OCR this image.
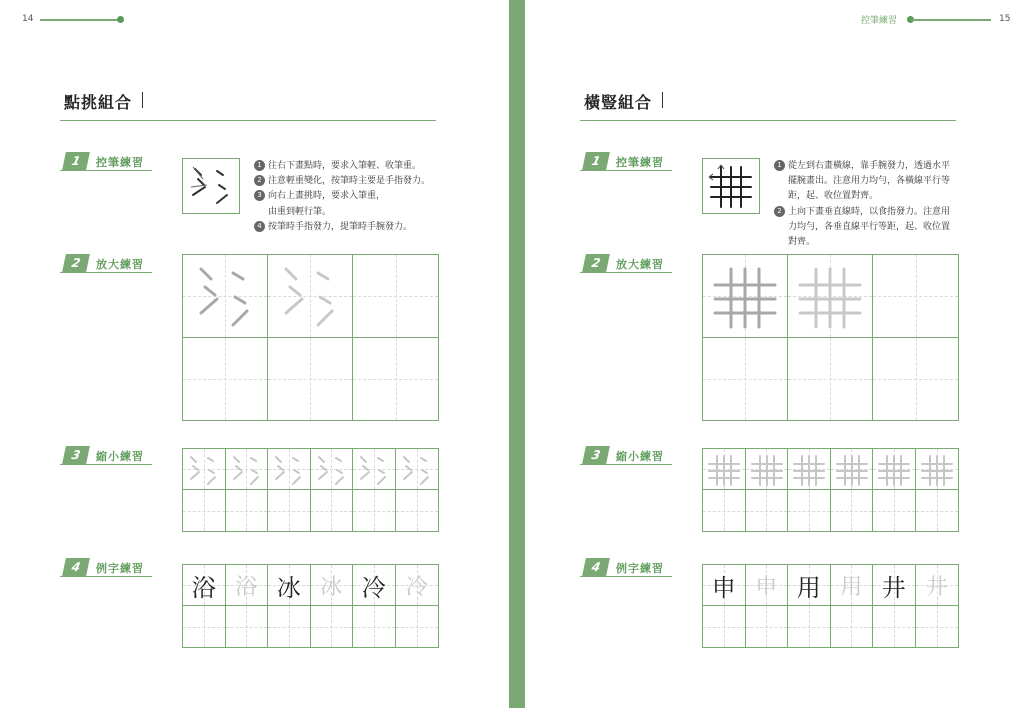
14
點挑組合
1	控筆練習	1 往右下畫點時，要求入筆輕、收筆重。
2 注意輕重變化，按筆時主要是手指發力。
3 向右上畫挑時，要求入筆重，
由重到輕行筆。
4 按筆時手指發力，提筆時手腕發力。
2	放大練習
3	縮小練習
4	例字練習
浴 浴 冰 冰 冷 冷
控筆練習	15
橫豎組合
1	控筆練習	1 從左到右畫橫線，靠手腕發力，透過水平
擺腕畫出。注意用力均勻，各橫線平行等
距，起、收位置對齊。
2 上向下畫垂直線時，以食指發力。注意用
力均勻，各垂直線平行等距，起、收位置
對齊。
2	放大練習
3	縮小練習
4	例字練習
申 申 用 用 井 井
